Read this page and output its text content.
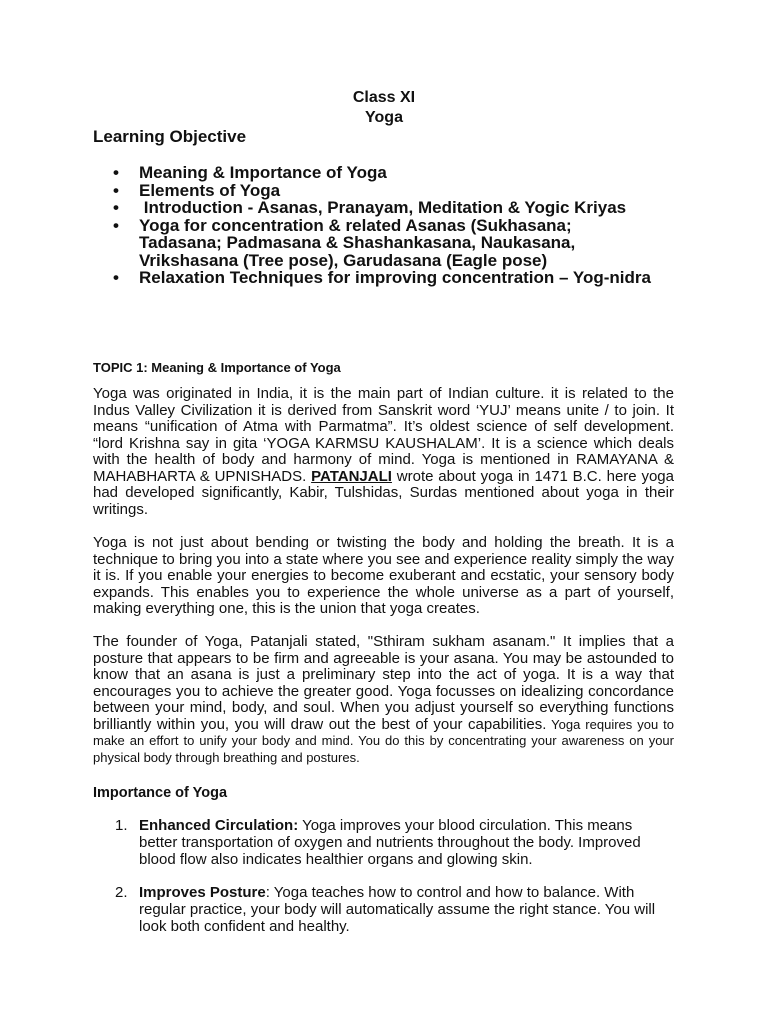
Class XI
Yoga
Learning Objective
• Meaning & Importance of Yoga
• Elements of Yoga
• Introduction - Asanas, Pranayam, Meditation & Yogic Kriyas
• Yoga for concentration & related Asanas (Sukhasana; Tadasana; Padmasana & Shashankasana, Naukasana, Vrikshasana (Tree pose), Garudasana (Eagle pose)
• Relaxation Techniques for improving concentration – Yog-nidra
TOPIC 1: Meaning & Importance of Yoga

Yoga was originated in India, it is the main part of Indian culture. it is related to the Indus Valley Civilization it is derived from Sanskrit word ‘YUJ’ means unite / to join. It means “unification of Atma with Parmatma”. It’s oldest science of self development. “lord Krishna say in gita ‘YOGA KARMSU KAUSHALAM’. It is a science which deals with the health of body and harmony of mind. Yoga is mentioned in RAMAYANA & MAHABHARTA & UPNISHADS. PATANJALI wrote about yoga in 1471 B.C. here yoga had developed significantly, Kabir, Tulshidas, Surdas mentioned about yoga in their writings.

Yoga is not just about bending or twisting the body and holding the breath. It is a technique to bring you into a state where you see and experience reality simply the way it is. If you enable your energies to become exuberant and ecstatic, your sensory body expands. This enables you to experience the whole universe as a part of yourself, making everything one, this is the union that yoga creates.

The founder of Yoga, Patanjali stated, "Sthiram sukham asanam." It implies that a posture that appears to be firm and agreeable is your asana. You may be astounded to know that an asana is just a preliminary step into the act of yoga. It is a way that encourages you to achieve the greater good. Yoga focusses on idealizing concordance between your mind, body, and soul. When you adjust yourself so everything functions brilliantly within you, you will draw out the best of your capabilities. Yoga requires you to make an effort to unify your body and mind. You do this by concentrating your awareness on your physical body through breathing and postures.

Importance of Yoga
1. Enhanced Circulation: Yoga improves your blood circulation. This means better transportation of oxygen and nutrients throughout the body. Improved blood flow also indicates healthier organs and glowing skin.
2. Improves Posture: Yoga teaches how to control and how to balance. With regular practice, your body will automatically assume the right stance. You will look both confident and healthy.
